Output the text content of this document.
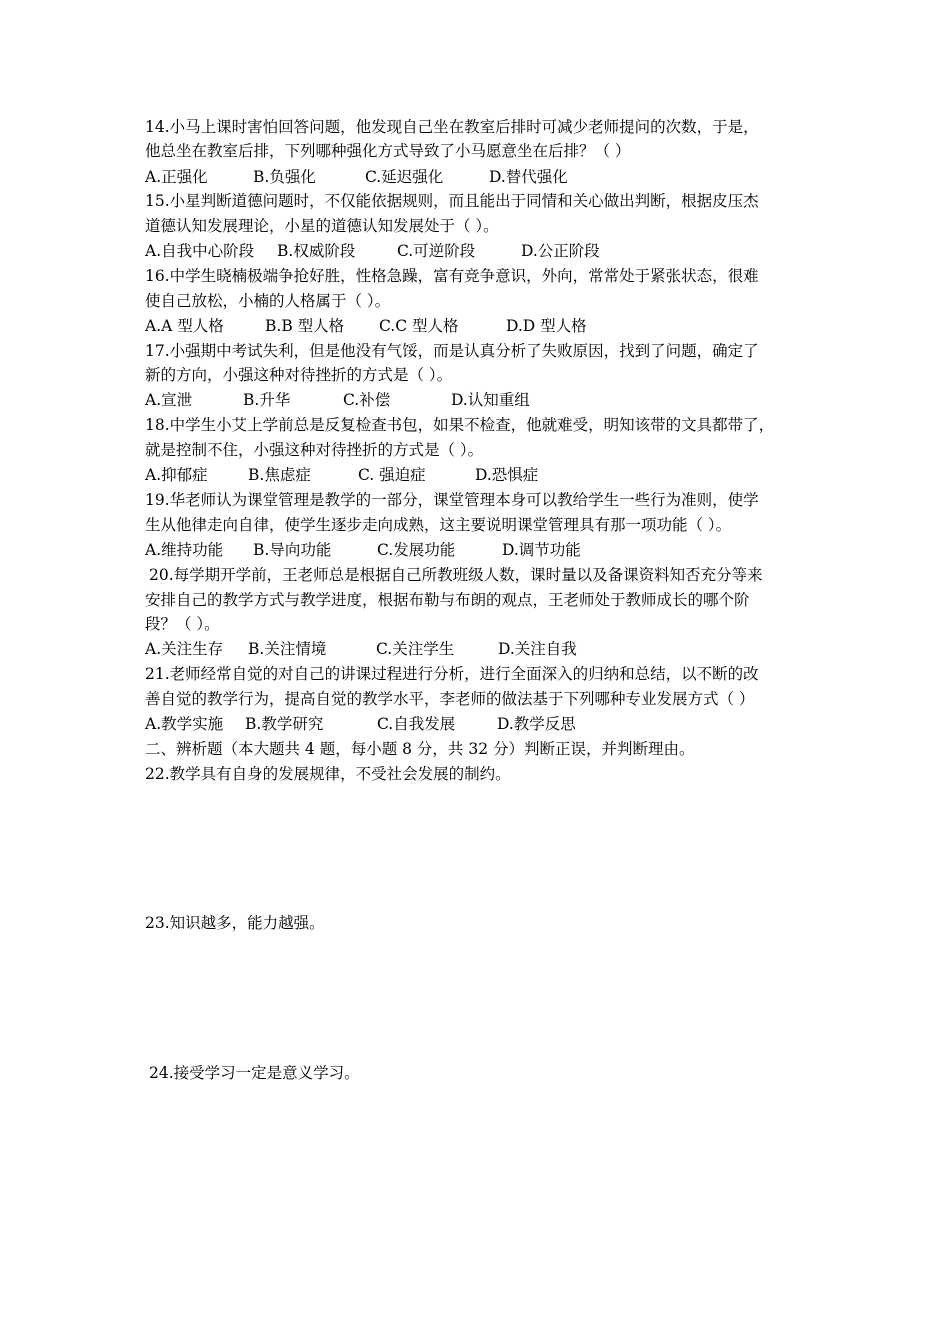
14.小马上课时害怕回答问题，他发现自己坐在教室后排时可减少老师提问的次数，于是，
他总坐在教室后排，下列哪种强化方式导致了小马愿意坐在后排？（ ）
A.正强化	B.负强化	C.延迟强化	D.替代强化
15.小星判断道德问题时，不仅能依据规则，而且能出于同情和关心做出判断，根据皮压杰
道德认知发展理论，小星的道德认知发展处于（ ）。
A.自我中心阶段 B.权威阶段	C.可逆阶段	D.公正阶段
16.中学生晓楠极端争抢好胜，性格急躁，富有竞争意识，外向，常常处于紧张状态，很难
使自己放松，小楠的人格属于（ ）。
A.A 型人格	B.B 型人格 C.C 型人格	D.D 型人格
17.小强期中考试失利，但是他没有气馁，而是认真分析了失败原因，找到了问题，确定了
新的方向，小强这种对待挫折的方式是（ ）。
A.宣泄	B.升华	C.补偿	D.认知重组
18.中学生小艾上学前总是反复检查书包，如果不检查，他就难受，明知该带的文具都带了，
就是控制不住，小强这种对待挫折的方式是（ ）。
A.抑郁症	B.焦虑症	C. 强迫症	D.恐惧症
19.华老师认为课堂管理是教学的一部分，课堂管理本身可以教给学生一些行为准则，使学
生从他律走向自律，使学生逐步走向成熟，这主要说明课堂管理具有那一项功能（ ）。
A.维持功能 B.导向功能	C.发展功能	D.调节功能
20.每学期开学前，王老师总是根据自己所教班级人数，课时量以及备课资料知否充分等来
安排自己的教学方式与教学进度，根据布勒与布朗的观点，王老师处于教师成长的哪个阶
段？（ ）。
A.关注生存 B.关注情境	C.关注学生	D.关注自我
21.老师经常自觉的对自己的讲课过程进行分析，进行全面深入的归纳和总结，以不断的改
善自觉的教学行为，提高自觉的教学水平，李老师的做法基于下列哪种专业发展方式（ ）
A.教学实施 B.教学研究	C.自我发展	D.教学反思
二、辨析题（本大题共 4 题，每小题 8 分，共 32 分）判断正误，并判断理由。
22.教学具有自身的发展规律，不受社会发展的制约。
23.知识越多，能力越强。
24.接受学习一定是意义学习。
